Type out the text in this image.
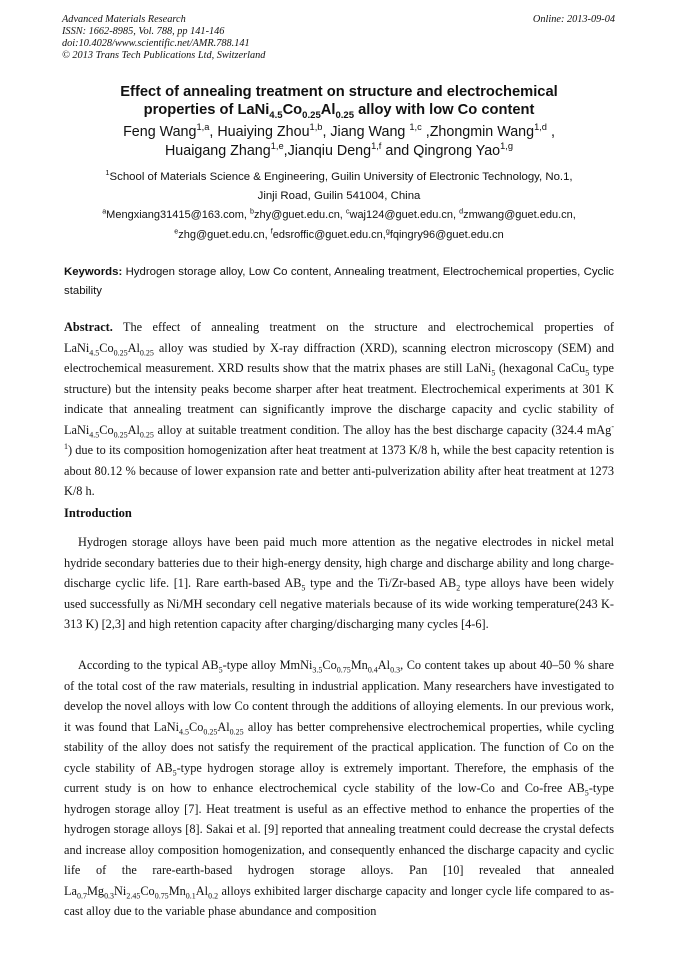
Advanced Materials Research
ISSN: 1662-8985, Vol. 788, pp 141-146
doi:10.4028/www.scientific.net/AMR.788.141
© 2013 Trans Tech Publications Ltd, Switzerland
Online: 2013-09-04
Effect of annealing treatment on structure and electrochemical
properties of $LaNi_{4.5}Co_{0.25}Al_{0.25}$ alloy with low Co content
Feng Wang$^{1,a}$, Huaiying Zhou$^{1,b}$, Jiang Wang $^{1,c}$ ,Zhongmin Wang$^{1,d}$ ,
Huaigang Zhang$^{1,e}$,Jianqiu Deng$^{1,f}$ and Qingrong Yao$^{1,g}$
$^1$School of Materials Science & Engineering, Guilin University of Electronic Technology, No.1,
Jinji Road, Guilin 541004, China
$^a$Mengxiang31415@163.com, $^b$zhy@guet.edu.cn, $^c$waj124@guet.edu.cn, $^d$zmwang@guet.edu.cn,
$^e$zhg@guet.edu.cn, $^f$edsroffic@guet.edu.cn,$^g$fqingry96@guet.edu.cn
Keywords: Hydrogen storage alloy, Low Co content, Annealing treatment, Electrochemical properties, Cyclic stability
Abstract. The effect of annealing treatment on the structure and electrochemical properties of $LaNi_{4.5}Co_{0.25}Al_{0.25}$ alloy was studied by X-ray diffraction (XRD), scanning electron microscopy (SEM) and electrochemical measurement. XRD results show that the matrix phases are still LaNi$_5$ (hexagonal CaCu$_5$ type structure) but the intensity peaks become sharper after heat treatment. Electrochemical experiments at 301 K indicate that annealing treatment can significantly improve the discharge capacity and cyclic stability of $LaNi_{4.5}Co_{0.25}Al_{0.25}$ alloy at suitable treatment condition. The alloy has the best discharge capacity (324.4 mAg$^{-1}$) due to its composition homogenization after heat treatment at 1373 K/8 h, while the best capacity retention is about 80.12 % because of lower expansion rate and better anti-pulverization ability after heat treatment at 1273 K/8 h.
Introduction
Hydrogen storage alloys have been paid much more attention as the negative electrodes in nickel metal hydride secondary batteries due to their high-energy density, high charge and discharge ability and long charge-discharge cyclic life. [1]. Rare earth-based $AB_5$ type and the Ti/Zr-based $AB_2$ type alloys have been widely used successfully as Ni/MH secondary cell negative materials because of its wide working temperature(243 K-313 K) [2,3] and high retention capacity after charging/discharging many cycles [4-6].
According to the typical $AB_5$-type alloy $MmNi_{3.5}Co_{0.75}Mn_{0.4}Al_{0.3}$, Co content takes up about 40–50 % share of the total cost of the raw materials, resulting in industrial application. Many researchers have investigated to develop the novel alloys with low Co content through the additions of alloying elements. In our previous work, it was found that $LaNi_{4.5}Co_{0.25}Al_{0.25}$ alloy has better comprehensive electrochemical properties, while cycling stability of the alloy does not satisfy the requirement of the practical application. The function of Co on the cycle stability of $AB_5$-type hydrogen storage alloy is extremely important. Therefore, the emphasis of the current study is on how to enhance electrochemical cycle stability of the low-Co and Co-free $AB_5$-type hydrogen storage alloy [7]. Heat treatment is useful as an effective method to enhance the properties of the hydrogen storage alloys [8]. Sakai et al. [9] reported that annealing treatment could decrease the crystal defects and increase alloy composition homogenization, and consequently enhanced the discharge capacity and cyclic life of the rare-earth-based hydrogen storage alloys. Pan [10] revealed that annealed $La_{0.7}Mg_{0.3}Ni_{2.45}Co_{0.75}Mn_{0.1}Al_{0.2}$ alloys exhibited larger discharge capacity and longer cycle life compared to as-cast alloy due to the variable phase abundance and composition
